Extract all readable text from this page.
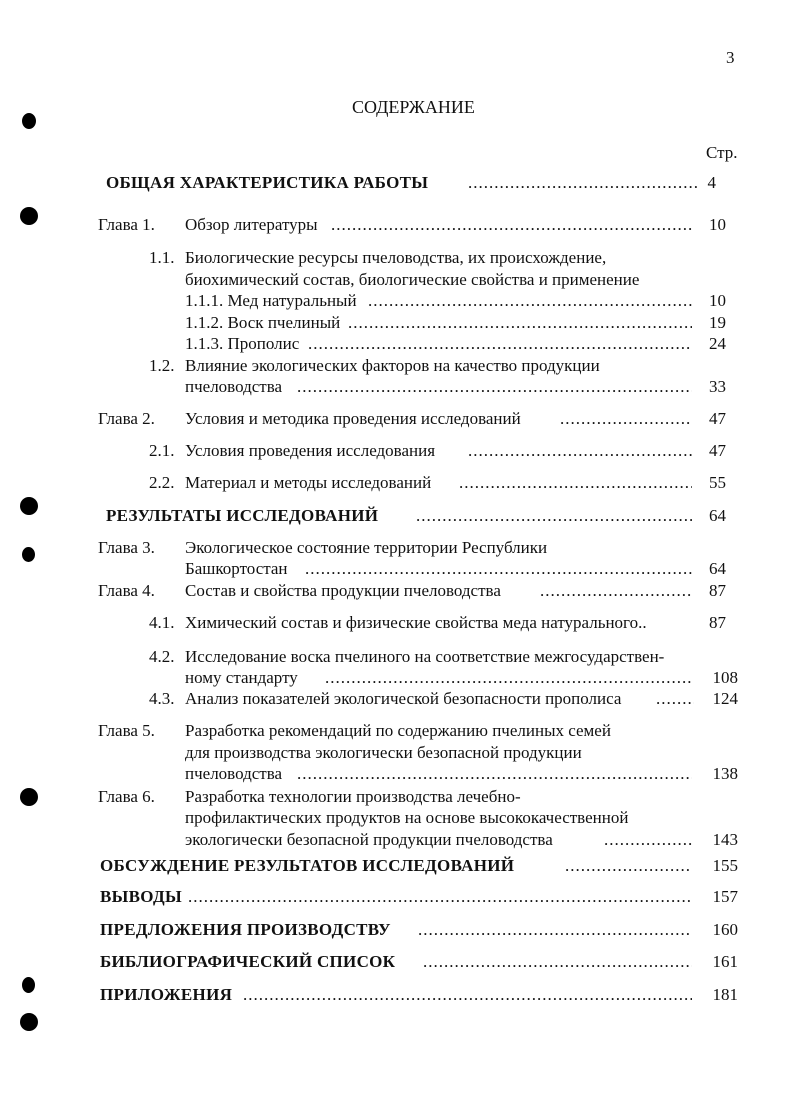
3
СОДЕРЖАНИЕ
Стр.
ОБЩАЯ ХАРАКТЕРИСТИКА РАБОТЫ .....	4
Глава 1. Обзор литературы .....	10
1.1. Биологические ресурсы пчеловодства, их происхождение,
биохимический состав, биологические свойства и применение
1.1.1. Мед натуральный .....	10
1.1.2. Воск пчелиный .....	19
1.1.3. Прополис .....	24
1.2. Влияние экологических факторов на качество продукции
пчеловодства .....	33
Глава 2. Условия и методика проведения исследований .....	47
2.1. Условия проведения исследования .....	47
2.2. Материал и методы исследований .....	55
РЕЗУЛЬТАТЫ ИССЛЕДОВАНИЙ .....	64
Глава 3. Экологическое состояние территории Республики
Башкортостан .....	64
Глава 4. Состав и свойства продукции пчеловодства .....	87
4.1. Химический состав и физические свойства меда натурального..	87
4.2. Исследование воска пчелиного на соответствие межгосударствен-
ному стандарту .....	108
4.3. Анализ показателей экологической безопасности прополиса .....	124
Глава 5. Разработка рекомендаций по содержанию пчелиных семей
для производства экологически безопасной продукции
пчеловодства .....	138
Глава 6. Разработка технологии производства лечебно-
профилактических продуктов на основе высококачественной
экологически безопасной продукции пчеловодства .....	143
ОБСУЖДЕНИЕ РЕЗУЛЬТАТОВ ИССЛЕДОВАНИЙ .....	155
ВЫВОДЫ .....	157
ПРЕДЛОЖЕНИЯ ПРОИЗВОДСТВУ .....	160
БИБЛИОГРАФИЧЕСКИЙ СПИСОК .....	161
ПРИЛОЖЕНИЯ .....	181
